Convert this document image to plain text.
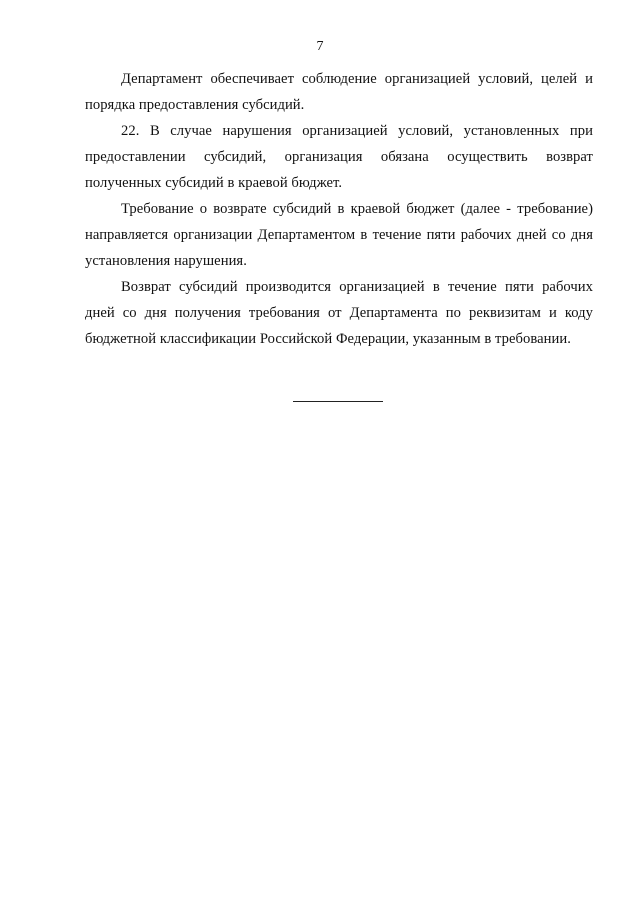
7

Департамент обеспечивает соблюдение организацией условий, целей и порядка предоставления субсидий.

22. В случае нарушения организацией условий, установленных при предоставлении субсидий, организация обязана осуществить возврат полученных субсидий в краевой бюджет.

Требование о возврате субсидий в краевой бюджет (далее - требование) направляется организации Департаментом в течение пяти рабочих дней со дня установления нарушения.

Возврат субсидий производится организацией в течение пяти рабочих дней со дня получения требования от Департамента по реквизитам и коду бюджетной классификации Российской Федерации, указанным в требовании.
